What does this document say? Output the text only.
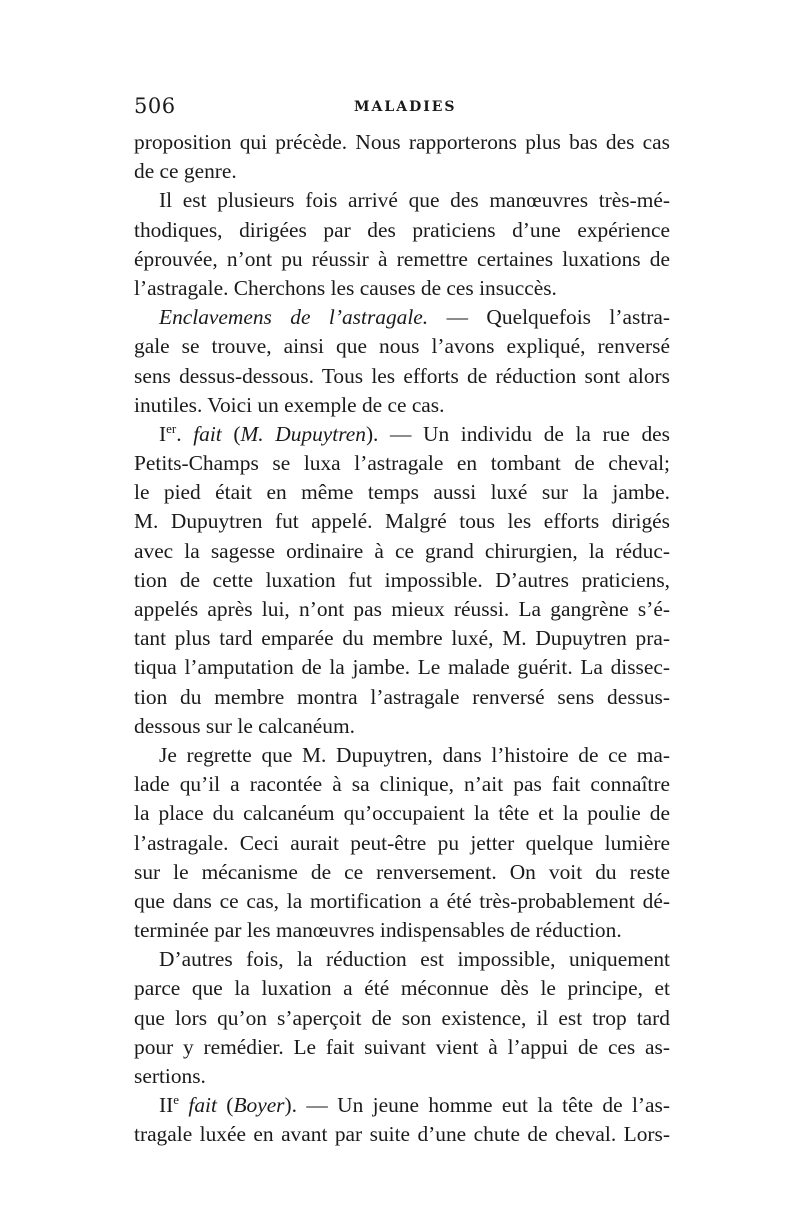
506	MALADIES
proposition qui précède. Nous rapporterons plus bas des cas
de ce genre.
Il est plusieurs fois arrivé que des manœuvres très-mé-
thodiques, dirigées par des praticiens d’une expérience
éprouvée, n’ont pu réussir à remettre certaines luxations de
l’astragale. Cherchons les causes de ces insuccès.
Enclavemens de l’astragale. — Quelquefois l’astra-
gale se trouve, ainsi que nous l’avons expliqué, renversé
sens dessus-dessous. Tous les efforts de réduction sont alors
inutiles. Voici un exemple de ce cas.
Ier. fait (M. Dupuytren). — Un individu de la rue des
Petits-Champs se luxa l’astragale en tombant de cheval;
le pied était en même temps aussi luxé sur la jambe.
M. Dupuytren fut appelé. Malgré tous les efforts dirigés
avec la sagesse ordinaire à ce grand chirurgien, la réduc-
tion de cette luxation fut impossible. D’autres praticiens,
appelés après lui, n’ont pas mieux réussi. La gangrène s’é-
tant plus tard emparée du membre luxé, M. Dupuytren pra-
tiqua l’amputation de la jambe. Le malade guérit. La dissec-
tion du membre montra l’astragale renversé sens dessus-
dessous sur le calcanéum.
Je regrette que M. Dupuytren, dans l’histoire de ce ma-
lade qu’il a racontée à sa clinique, n’ait pas fait connaître
la place du calcanéum qu’occupaient la tête et la poulie de
l’astragale. Ceci aurait peut-être pu jetter quelque lumière
sur le mécanisme de ce renversement. On voit du reste
que dans ce cas, la mortification a été très-probablement dé-
terminée par les manœuvres indispensables de réduction.
D’autres fois, la réduction est impossible, uniquement
parce que la luxation a été méconnue dès le principe, et
que lors qu’on s’aperçoit de son existence, il est trop tard
pour y remédier. Le fait suivant vient à l’appui de ces as-
sertions.
IIe fait (Boyer). — Un jeune homme eut la tête de l’as-
tragale luxée en avant par suite d’une chute de cheval. Lors-
